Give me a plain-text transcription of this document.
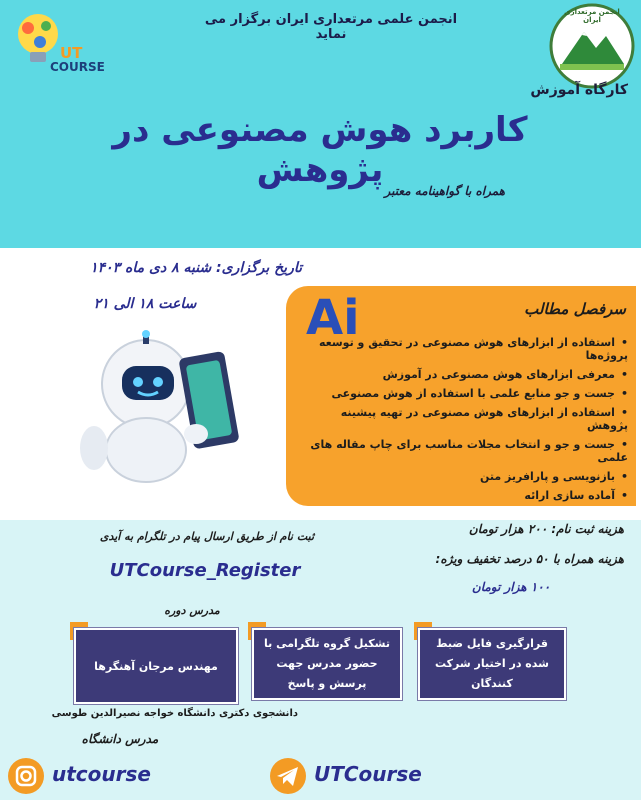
UT
COURSE
انجمن مرتعداری ایران
انجمن علمی مرتعداری ایران برگزار می نماید
کارگاه آموزش
کاربرد هوش مصنوعی در پژوهش
همراه با گواهینامه معتبر
تاریخ برگزاری: شنبه ۸ دی ماه ۱۴۰۳
ساعت ۱۸ الی ۲۱ Ai	سرفصل مطالب
• استفاده از ابزارهای هوش مصنوعی در تحقیق و توسعه پروژه‌ها
• معرفی ابزارهای هوش مصنوعی در آموزش
• جست و جو منابع علمی با استفاده از هوش مصنوعی
• استفاده از ابزارهای هوش مصنوعی در تهیه پیشینه پژوهش
• جست و جو و انتخاب مجلات مناسب برای چاپ مقاله های علمی
• بازنویسی و پارافریز متن
• آماده سازی ارائه
ثبت نام از طریق ارسال پیام در تلگرام به آیدی
UTCourse_Register
هزینه ثبت نام: ۲۰۰ هزار تومان
هزینه همراه با ۵۰ درصد تخفیف ویژه:
۱۰۰ هزار تومان
مدرس دوره
مهندس مرجان آهنگرها
دانشجوی دکتری دانشگاه خواجه نصیرالدین طوسی
مدرس دانشگاه
تشکیل گروه تلگرامی با حضور مدرس جهت پرسش و پاسخ
قرارگیری فایل ضبط شده در اختیار شرکت کنندگان
utcourse	UTCourse
